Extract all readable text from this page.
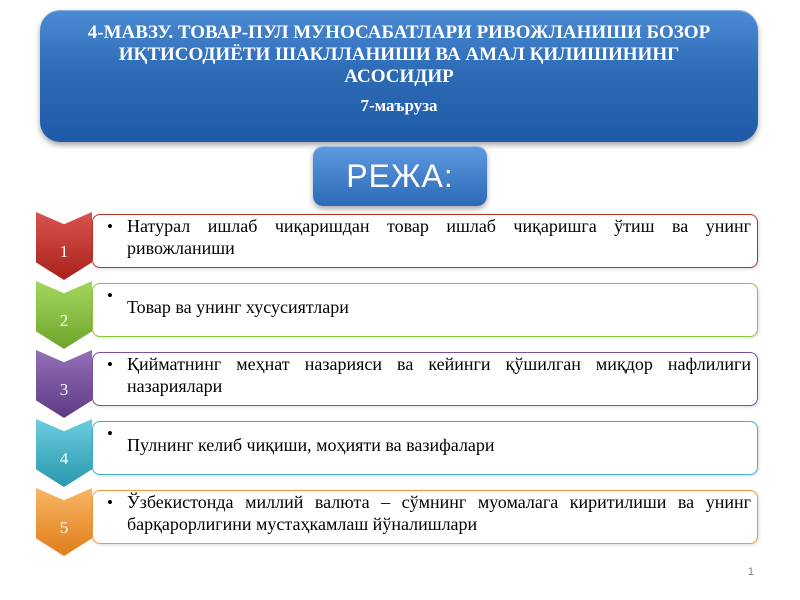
4-МАВЗУ. ТОВАР-ПУЛ МУНОСАБАТЛАРИ РИВОЖЛАНИШИ БОЗОР ИҚТИСОДИЁТИ ШАКЛЛАНИШИ ВА АМАЛ ҚИЛИШИНИНГ АСОСИДИР
7-маъруза
РЕЖА:
1
• Натурал ишлаб чиқаришдан товар ишлаб чиқаришга ўтиш ва унинг ривожланиши
2
•
Товар ва унинг хусусиятлари
3
• Қийматнинг меҳнат назарияси ва кейинги қўшилган миқдор нафлилиги назариялари
4
•
Пулнинг келиб чиқиши, моҳияти ва вазифалари
5
• Ўзбекистонда миллий валюта – сўмнинг муомалага киритилиши ва унинг барқарорлигини мустаҳкамлаш йўналишлари
1
